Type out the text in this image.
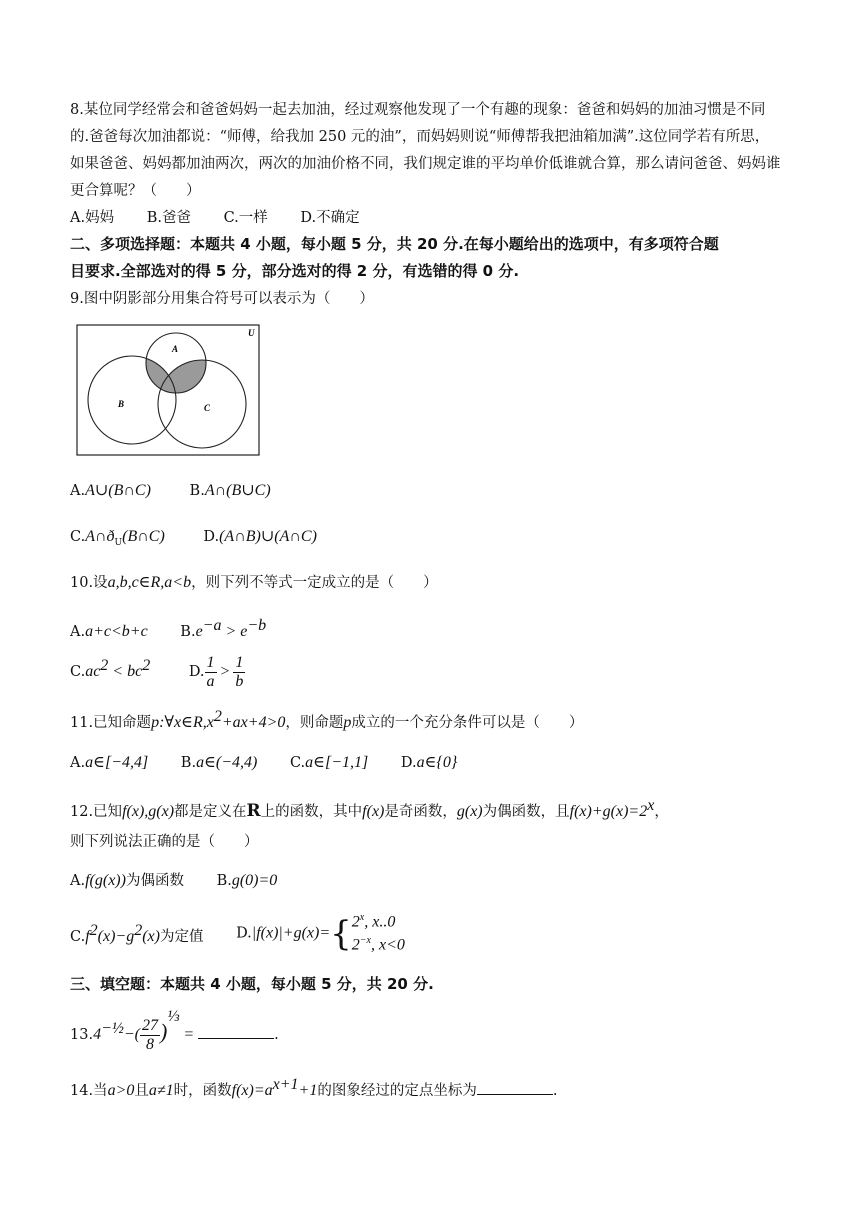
8.某位同学经常会和爸爸妈妈一起去加油，经过观察他发现了一个有趣的现象：爸爸和妈妈的加油习惯是不同
的.爸爸每次加油都说：“师傅，给我加 250 元的油”，而妈妈则说“师傅帮我把油箱加满”.这位同学若有所思，
如果爸爸、妈妈都加油两次，两次的加油价格不同，我们规定谁的平均单价低谁就合算，那么请问爸爸、妈妈谁
更合算呢？（　　）
A.妈妈 B.爸爸 C.一样 D.不确定
二、多项选择题：本题共 4 小题，每小题 5 分，共 20 分.在每小题给出的选项中，有多项符合题
目要求.全部选对的得 5 分，部分选对的得 2 分，有选错的得 0 分.
9.图中阴影部分用集合符号可以表示为（　　）
U
A
B	C
A.A∪(B∩C)	B.A∩(B∪C)
$C.A\cap ð_U(B\cap C)$	D.(A∩B)∪(A∩C)
10.设a,b,c∈R,a<b，则下列不等式一定成立的是（　　）
A.a+c<b+c $B.e^{-a} > e^{-b}$
$C.ac^2 < bc^2$	D. $\frac{1}{a} > \frac{1}{b}$
11.已知命题$p:\forall x\in R,x^2+ax+4>0$，则命题p成立的一个充分条件可以是（　　）
A.a∈[−4,4] B.a∈(−4,4) C.a∈[−1,1] D.a∈{0}
12.已知f(x),g(x)都是定义在R上的函数，其中f(x)是奇函数，g(x)为偶函数，且$f(x)+g(x)=2^x$，
则下列说法正确的是（　　）
A.f(g(x))为偶函数 B.g(0)=0
$C.f^2(x)-g^2(x)$为定值 D.|f(x)|+g(x)={ 2$^x$, x..0
$2^{-x}$, x<0
三、填空题：本题共 4 小题，每小题 5 分，共 20 分.
$13.4^{-\frac{1}{2}}-( \frac{27}{8} )^{\frac{1}{3}}=$	.
14.当a>0且a≠1时，函数$f(x)=a^{x+1}+1$的图象经过的定点坐标为	.
